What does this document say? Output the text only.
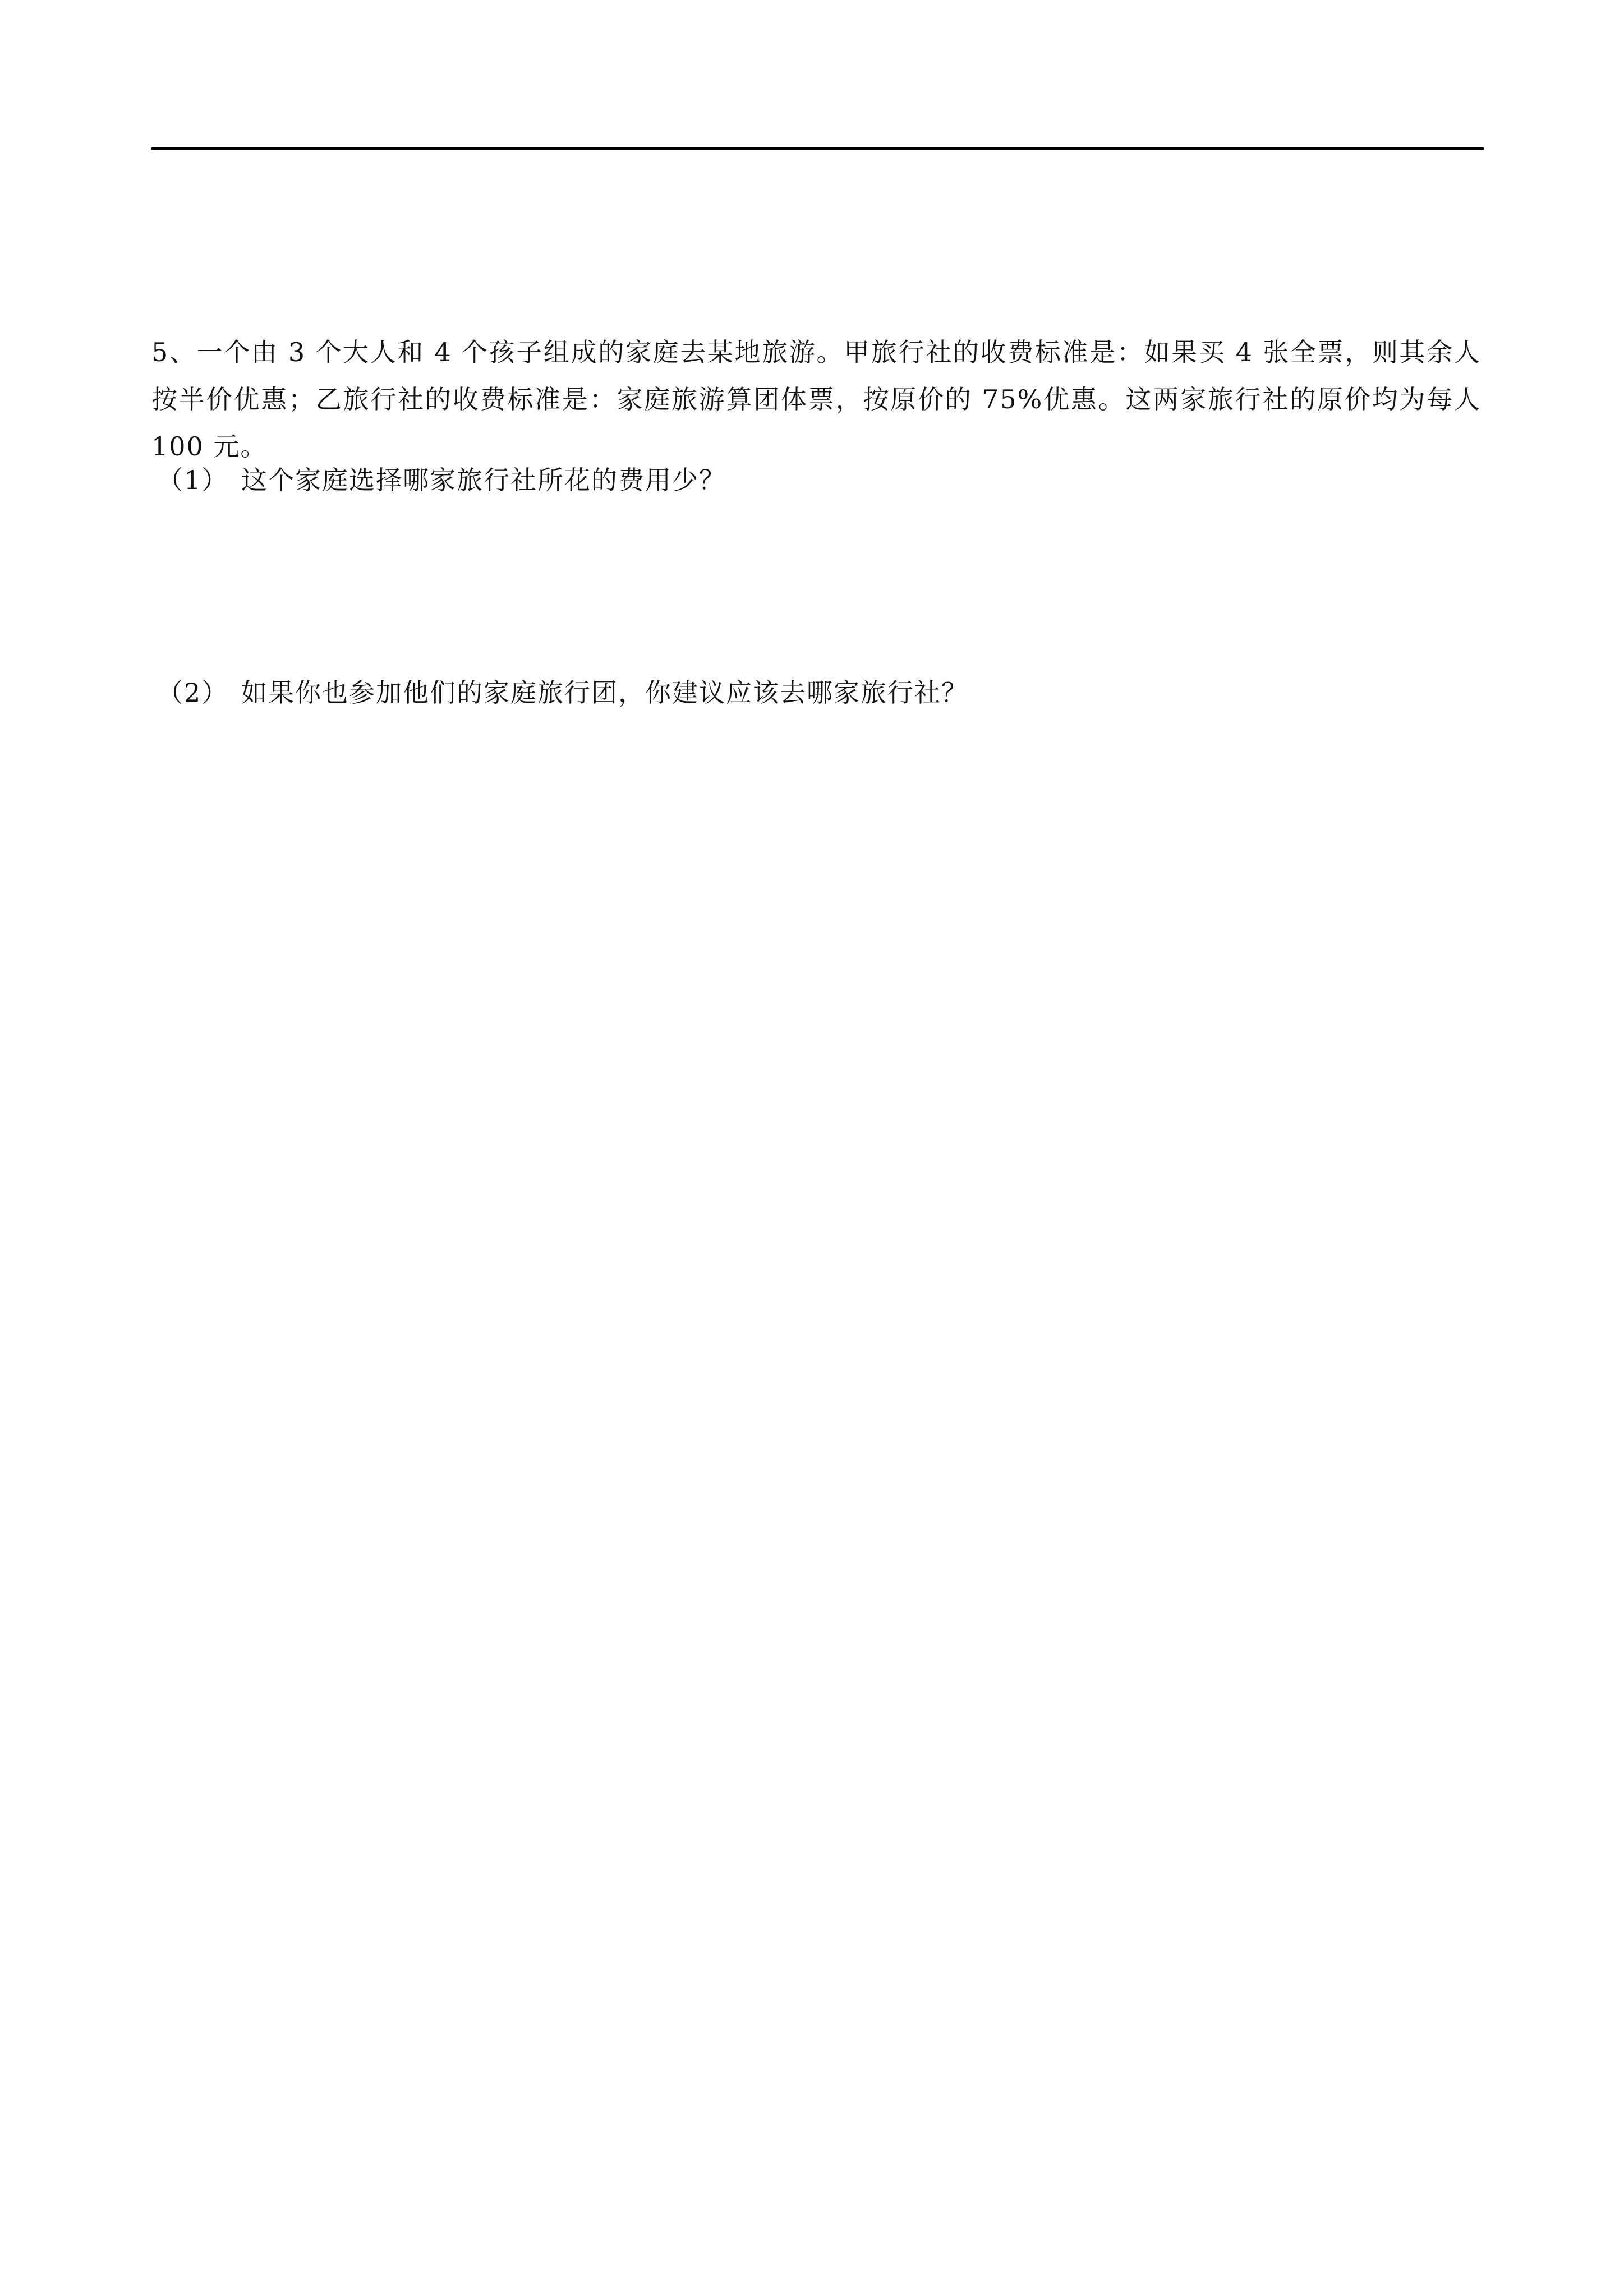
5、一个由 3 个大人和 4 个孩子组成的家庭去某地旅游。甲旅行社的收费标准是：如果买 4 张全票，则其余人按半价优惠；乙旅行社的收费标准是：家庭旅游算团体票，按原价的 75%优惠。这两家旅行社的原价均为每人 100 元。

（1） 这个家庭选择哪家旅行社所花的费用少？
（2） 如果你也参加他们的家庭旅行团，你建议应该去哪家旅行社？
